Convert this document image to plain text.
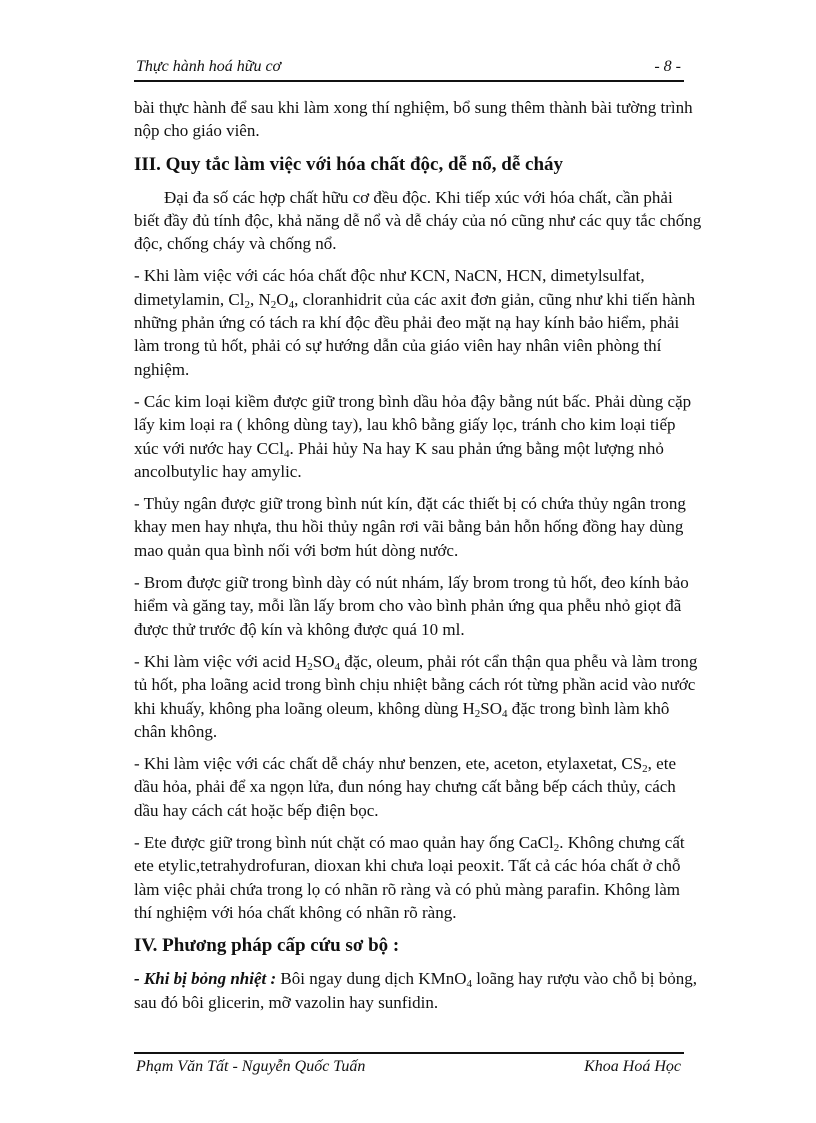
Thực hành hoá hữu cơ	- 8 -

bài thực hành để sau khi làm xong thí nghiệm, bổ sung thêm thành bài tường trình nộp cho giáo viên.

III. Quy tắc làm việc với hóa chất độc, dễ nổ, dễ cháy

Đại đa số các hợp chất hữu cơ đều độc. Khi tiếp xúc với hóa chất, cần phải biết đầy đủ tính độc, khả năng dễ nổ và dễ cháy của nó cũng như các quy tắc chống độc, chống cháy và chống nổ.

- Khi làm việc với các hóa chất độc như KCN, NaCN, HCN, dimetylsulfat, dimetylamin, $Cl_2$, $N_2O_4$, cloranhidrit của các axit đơn giản, cũng như khi tiến hành những phản ứng có tách ra khí độc đều phải đeo mặt nạ hay kính bảo hiểm, phải làm trong tủ hốt, phải có sự hướng dẫn của giáo viên hay nhân viên phòng thí nghiệm.

- Các kim loại kiềm được giữ trong bình dầu hỏa đậy bằng nút bấc. Phải dùng cặp lấy kim loại ra ( không dùng tay), lau khô bằng giấy lọc, tránh cho kim loại tiếp xúc với nước hay CCl$_4$. Phải hủy Na hay K sau phản ứng bằng một lượng nhỏ ancolbutylic hay amylic.

- Thủy ngân được giữ trong bình nút kín, đặt các thiết bị có chứa thủy ngân trong khay men hay nhựa, thu hồi thủy ngân rơi vãi bằng bản hỗn hống đồng hay dùng mao quản qua bình nối với bơm hút dòng nước.

- Brom được giữ trong bình dày có nút nhám, lấy brom trong tủ hốt, đeo kính bảo hiểm và găng tay, mỗi lần lấy brom cho vào bình phản ứng qua phễu nhỏ giọt đã được thử trước độ kín và không được quá 10 ml.

- Khi làm việc với acid $H_2SO_4$ đặc, oleum, phải rót cẩn thận qua phễu và làm trong tủ hốt, pha loãng acid trong bình chịu nhiệt bằng cách rót từng phần acid vào nước khi khuấy, không pha loãng oleum, không dùng $H_2SO_4$ đặc trong bình làm khô chân không.

- Khi làm việc với các chất dễ cháy như benzen, ete, aceton, etylaxetat, $CS_2$, ete dầu hỏa, phải để xa ngọn lửa, đun nóng hay chưng cất bằng bếp cách thủy, cách dầu hay cách cát hoặc bếp điện bọc.

- Ete được giữ trong bình nút chặt có mao quản hay ống CaCl$_2$. Không chưng cất ete etylic,tetrahydrofuran, dioxan khi chưa loại peoxit. Tất cả các hóa chất ở chỗ làm việc phải chứa trong lọ có nhãn rõ ràng và có phủ màng parafin. Không làm thí nghiệm với hóa chất không có nhãn rõ ràng.

IV. Phương pháp cấp cứu sơ bộ :

- Khi bị bỏng nhiệt : Bôi ngay dung dịch KMnO$_4$ loãng hay rượu vào chỗ bị bỏng, sau đó bôi glicerin, mỡ vazolin hay sunfidin.

Phạm Văn Tất - Nguyễn Quốc Tuấn	Khoa Hoá Học
